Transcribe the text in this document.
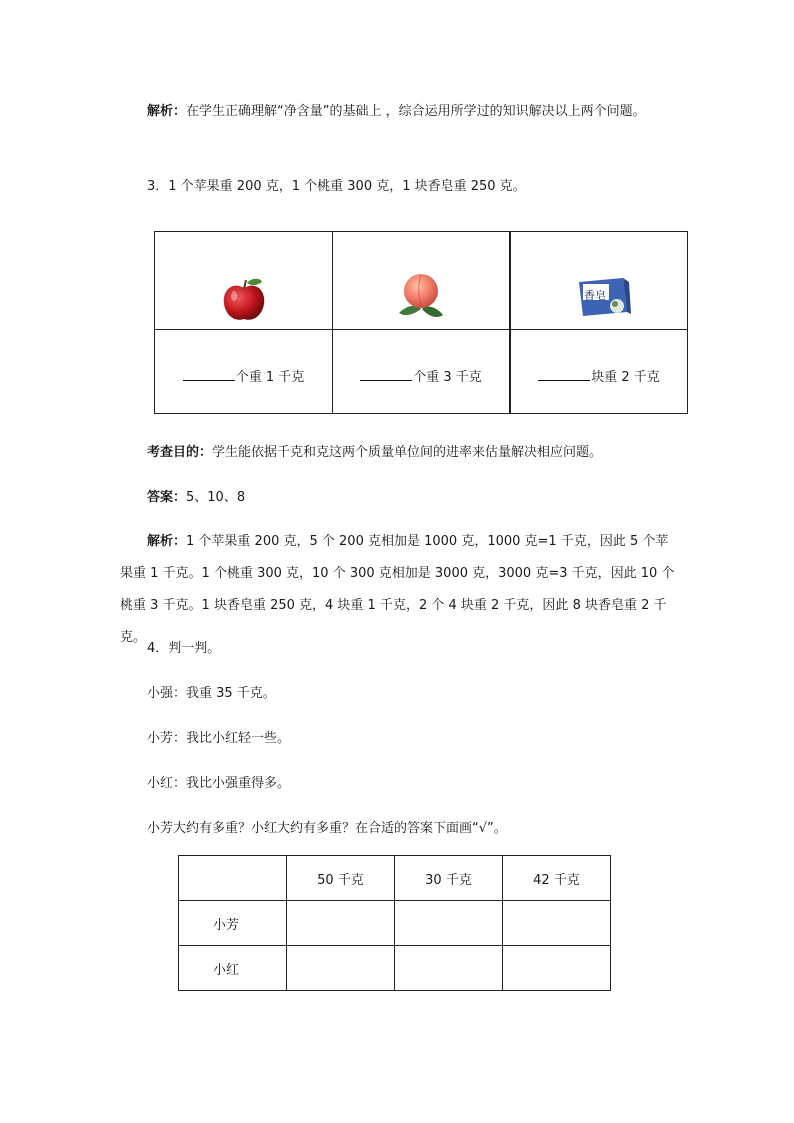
解析：在学生正确理解“净含量”的基础上 ，综合运用所学过的知识解决以上两个问题。

3．1 个苹果重 200 克，1 个桃重 300 克，1 块香皂重 250 克。

香皂
个重 1 千克	个重 3 千克	块重 2 千克

考查目的：学生能依据千克和克这两个质量单位间的进率来估量解决相应问题。

答案：5、10、8

解析：1 个苹果重 200 克，5 个 200 克相加是 1000 克，1000 克=1 千克，因此 5 个苹果重 1 千克。1 个桃重 300 克，10 个 300 克相加是 3000 克，3000 克=3 千克，因此 10 个桃重 3 千克。1 块香皂重 250 克，4 块重 1 千克，2 个 4 块重 2 千克，因此 8 块香皂重 2 千克。

4．判一判。

小强：我重 35 千克。

小芳：我比小红轻一些。

小红：我比小强重得多。

小芳大约有多重？小红大约有多重？在合适的答案下面画“√”。

	50 千克	30 千克	42 千克
小芳			
小红			
